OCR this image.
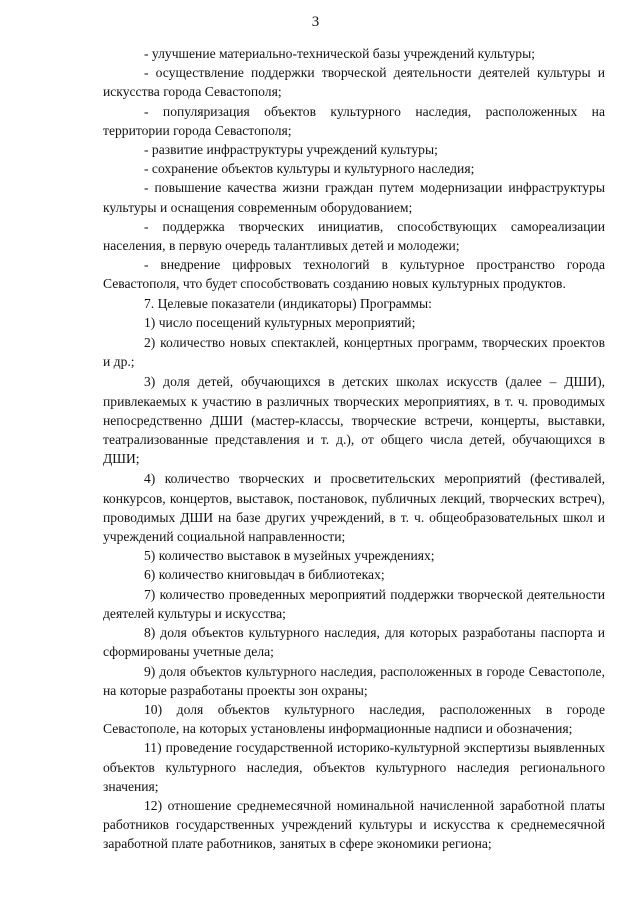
3

- улучшение материально-технической базы учреждений культуры;

- осуществление поддержки творческой деятельности деятелей культуры и искусства города Севастополя;

- популяризация объектов культурного наследия, расположенных на территории города Севастополя;

- развитие инфраструктуры учреждений культуры;

- сохранение объектов культуры и культурного наследия;

- повышение качества жизни граждан путем модернизации инфраструктуры культуры и оснащения современным оборудованием;

- поддержка творческих инициатив, способствующих самореализации населения, в первую очередь талантливых детей и молодежи;

- внедрение цифровых технологий в культурное пространство города Севастополя, что будет способствовать созданию новых культурных продуктов.

7. Целевые показатели (индикаторы) Программы:

1) число посещений культурных мероприятий;

2) количество новых спектаклей, концертных программ, творческих проектов и др.;

3) доля детей, обучающихся в детских школах искусств (далее – ДШИ), привлекаемых к участию в различных творческих мероприятиях, в т. ч. проводимых непосредственно ДШИ (мастер-классы, творческие встречи, концерты, выставки, театрализованные представления и т. д.), от общего числа детей, обучающихся в ДШИ;

4) количество творческих и просветительских мероприятий (фестивалей, конкурсов, концертов, выставок, постановок, публичных лекций, творческих встреч), проводимых ДШИ на базе других учреждений, в т. ч. общеобразовательных школ и учреждений социальной направленности;

5) количество выставок в музейных учреждениях;

6) количество книговыдач в библиотеках;

7) количество проведенных мероприятий поддержки творческой деятельности деятелей культуры и искусства;

8) доля объектов культурного наследия, для которых разработаны паспорта и сформированы учетные дела;

9) доля объектов культурного наследия, расположенных в городе Севастополе, на которые разработаны проекты зон охраны;

10) доля объектов культурного наследия, расположенных в городе Севастополе, на которых установлены информационные надписи и обозначения;

11) проведение государственной историко-культурной экспертизы выявленных объектов культурного наследия, объектов культурного наследия регионального значения;

12) отношение среднемесячной номинальной начисленной заработной платы работников государственных учреждений культуры и искусства к среднемесячной заработной плате работников, занятых в сфере экономики региона;
